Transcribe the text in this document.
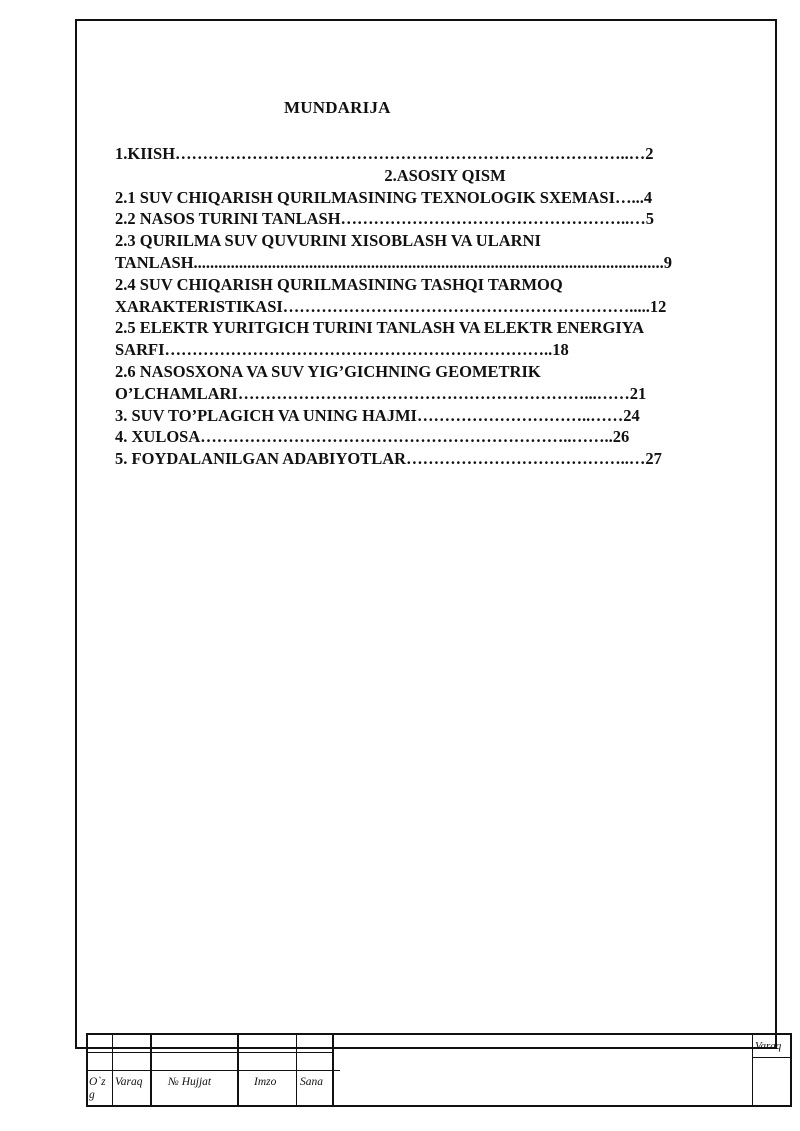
MUNDARIJA
1.KIISH………………………………………………………………………..…2
2.ASOSIY QISM
2.1 SUV CHIQARISH QURILMASINING TEXNOLOGIK SXEMASI…...4
2.2 NASOS TURINI TANLASH……………………………………………..…5
2.3 QURILMA SUV QUVURINI XISOBLASH VA ULARNI
TANLASH..................................................................................................................9
2.4 SUV CHIQARISH QURILMASINING TASHQI TARMOQ
XARAKTERISTIKASI……………………………………………………….....12
2.5 ELEKTR YURITGICH TURINI TANLASH VA ELEKTR ENERGIYA
SARFI……………………………………………………………..18
2.6 NASOSXONA VA SUV YIG’GICHNING GEOMETRIK
O’LCHAMLARI………………………………………………………...……21
3. SUV TO’PLAGICH VA UNING HAJMI…………………………..……24
4. XULOSA…………………………………………………………..……..26
5. FOYDALANILGAN ADABIYOTLAR…………………………………..…27
O`z g
Varaq № Hujjat	Imzo Sana
Varaq
